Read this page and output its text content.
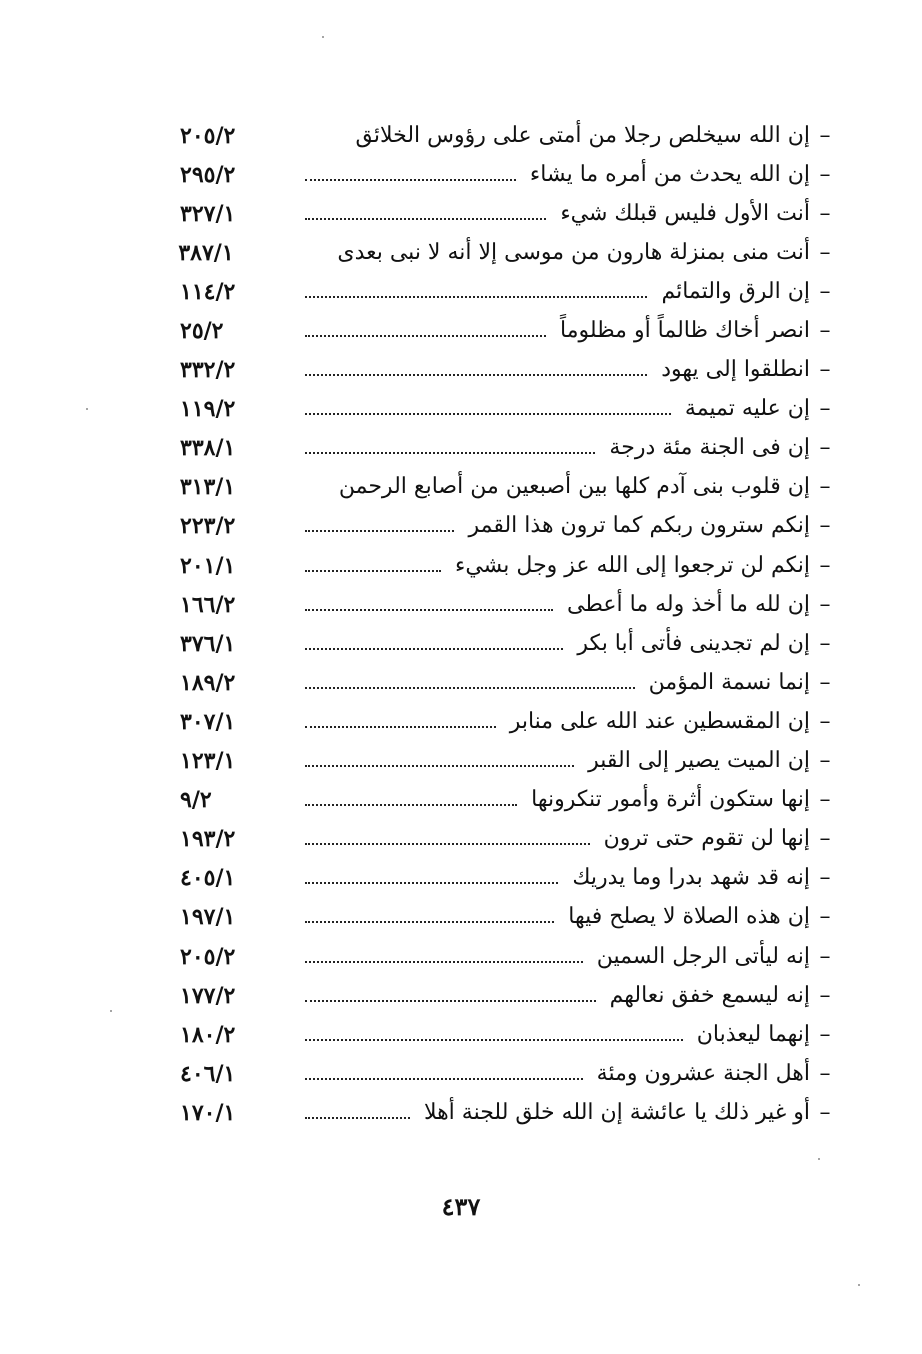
–
إن الله سيخلص رجلا من أمتى على رؤوس الخلائق
٢٠٥/٢
–
إن الله يحدث من أمره ما يشاء
٢٩٥/٢
–
أنت الأول فليس قبلك شيء
٣٢٧/١
–
أنت منى بمنزلة هارون من موسى إلا أنه لا نبى بعدى
٣٨٧/١
–
إن الرق والتمائم
١١٤/٢
–
انصر أخاك ظالماً أو مظلوماً
٢٥/٢
–
انطلقوا إلى يهود
٣٣٢/٢
–
إن عليه تميمة
١١٩/٢
–
إن فى الجنة مئة درجة
٣٣٨/١
–
إن قلوب بنى آدم كلها بين أصبعين من أصابع الرحمن
٣١٣/١
–
إنكم سترون ربكم كما ترون هذا القمر
٢٢٣/٢
–
إنكم لن ترجعوا إلى الله عز وجل بشيء
٢٠١/١
–
إن لله ما أخذ وله ما أعطى
١٦٦/٢
–
إن لم تجدينى فأتى أبا بكر
٣٧٦/١
–
إنما نسمة المؤمن
١٨٩/٢
–
إن المقسطين عند الله على منابر
٣٠٧/١
–
إن الميت يصير إلى القبر
١٢٣/١
–
إنها ستكون أثرة وأمور تنكرونها
٩/٢
–
إنها لن تقوم حتى ترون
١٩٣/٢
–
إنه قد شهد بدرا وما يدريك
٤٠٥/١
–
إن هذه الصلاة لا يصلح فيها
١٩٧/١
–
إنه ليأتى الرجل السمين
٢٠٥/٢
–
إنه ليسمع خفق نعالهم
١٧٧/٢
–
إنهما ليعذبان
١٨٠/٢
–
أهل الجنة عشرون ومئة
٤٠٦/١
–
أو غير ذلك يا عائشة إن الله خلق للجنة أهلا
١٧٠/١
٤٣٧
